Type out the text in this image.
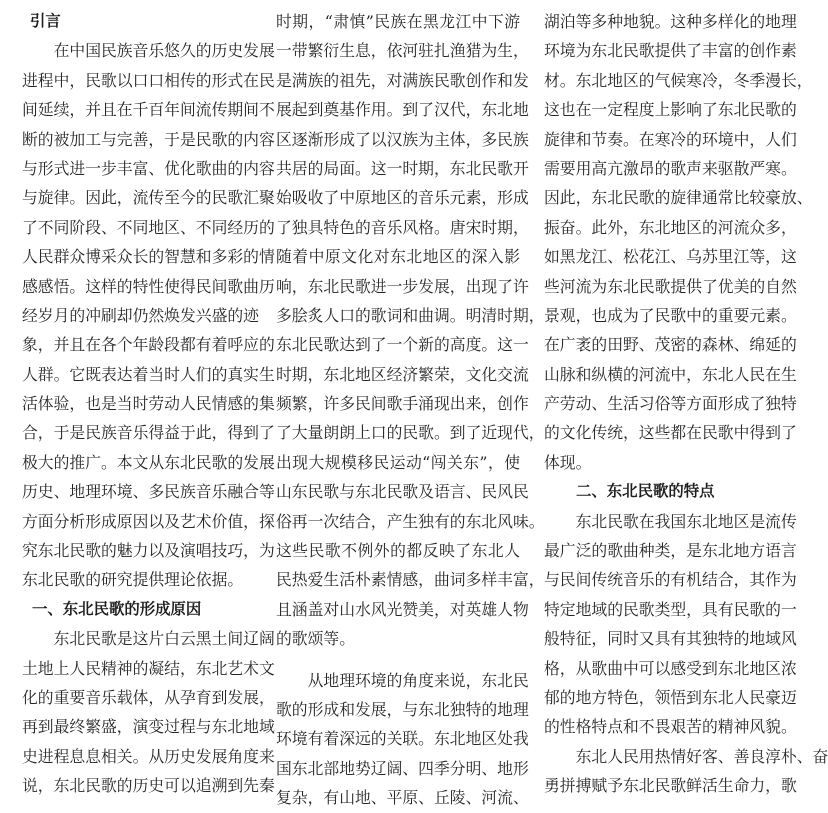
引言
在中国民族音乐悠久的历史发展
进程中，民歌以口口相传的形式在民
间延续，并且在千百年间流传期间不
断的被加工与完善，于是民歌的内容
与形式进一步丰富、优化歌曲的内容
与旋律。因此，流传至今的民歌汇聚
了不同阶段、不同地区、不同经历的
人民群众博采众长的智慧和多彩的情
感感悟。这样的特性使得民间歌曲历
经岁月的冲刷却仍然焕发兴盛的迹
象，并且在各个年龄段都有着呼应的
人群。它既表达着当时人们的真实生
活体验，也是当时劳动人民情感的集
合，于是民族音乐得益于此，得到了
极大的推广。本文从东北民歌的发展
历史、地理环境、多民族音乐融合等
方面分析形成原因以及艺术价值，探
究东北民歌的魅力以及演唱技巧，为
东北民歌的研究提供理论依据。
一、东北民歌的形成原因
东北民歌是这片白云黑土间辽阔
土地上人民精神的凝结，东北艺术文
化的重要音乐载体，从孕育到发展，
再到最终繁盛，演变过程与东北地域
史进程息息相关。从历史发展角度来
说，东北民歌的历史可以追溯到先秦
时期，“肃慎”民族在黑龙江中下游
一带繁衍生息，依河驻扎渔猎为生，
是满族的祖先，对满族民歌创作和发
展起到奠基作用。到了汉代，东北地
区逐渐形成了以汉族为主体，多民族
共居的局面。这一时期，东北民歌开
始吸收了中原地区的音乐元素，形成
了独具特色的音乐风格。唐宋时期，
随着中原文化对东北地区的深入影
响，东北民歌进一步发展，出现了许
多脍炙人口的歌词和曲调。明清时期，
东北民歌达到了一个新的高度。这一
时期，东北地区经济繁荣，文化交流
频繁，许多民间歌手涌现出来，创作
了大量朗朗上口的民歌。到了近现代，
出现大规模移民运动“闯关东”，使
山东民歌与东北民歌及语言、民风民
俗再一次结合，产生独有的东北风味。
这些民歌不例外的都反映了东北人
民热爱生活朴素情感，曲词多样丰富，
且涵盖对山水风光赞美，对英雄人物
的歌颂等。
从地理环境的角度来说，东北民
歌的形成和发展，与东北独特的地理
环境有着深远的关联。东北地区处我
国东北部地势辽阔、四季分明、地形
复杂，有山地、平原、丘陵、河流、
湖泊等多种地貌。这种多样化的地理
环境为东北民歌提供了丰富的创作素
材。东北地区的气候寒冷，冬季漫长，
这也在一定程度上影响了东北民歌的
旋律和节奏。在寒冷的环境中，人们
需要用高亢激昂的歌声来驱散严寒。
因此，东北民歌的旋律通常比较豪放、
振奋。此外，东北地区的河流众多，
如黑龙江、松花江、乌苏里江等，这
些河流为东北民歌提供了优美的自然
景观，也成为了民歌中的重要元素。
在广袤的田野、茂密的森林、绵延的
山脉和纵横的河流中，东北人民在生
产劳动、生活习俗等方面形成了独特
的文化传统，这些都在民歌中得到了
体现。
二、东北民歌的特点
东北民歌在我国东北地区是流传
最广泛的歌曲种类，是东北地方语言
与民间传统音乐的有机结合，其作为
特定地域的民歌类型，具有民歌的一
般特征，同时又具有其独特的地域风
格，从歌曲中可以感受到东北地区浓
郁的地方特色，领悟到东北人民豪迈
的性格特点和不畏艰苦的精神风貌。
东北人民用热情好客、善良淳朴、奋
勇拼搏赋予东北民歌鲜活生命力，歌
